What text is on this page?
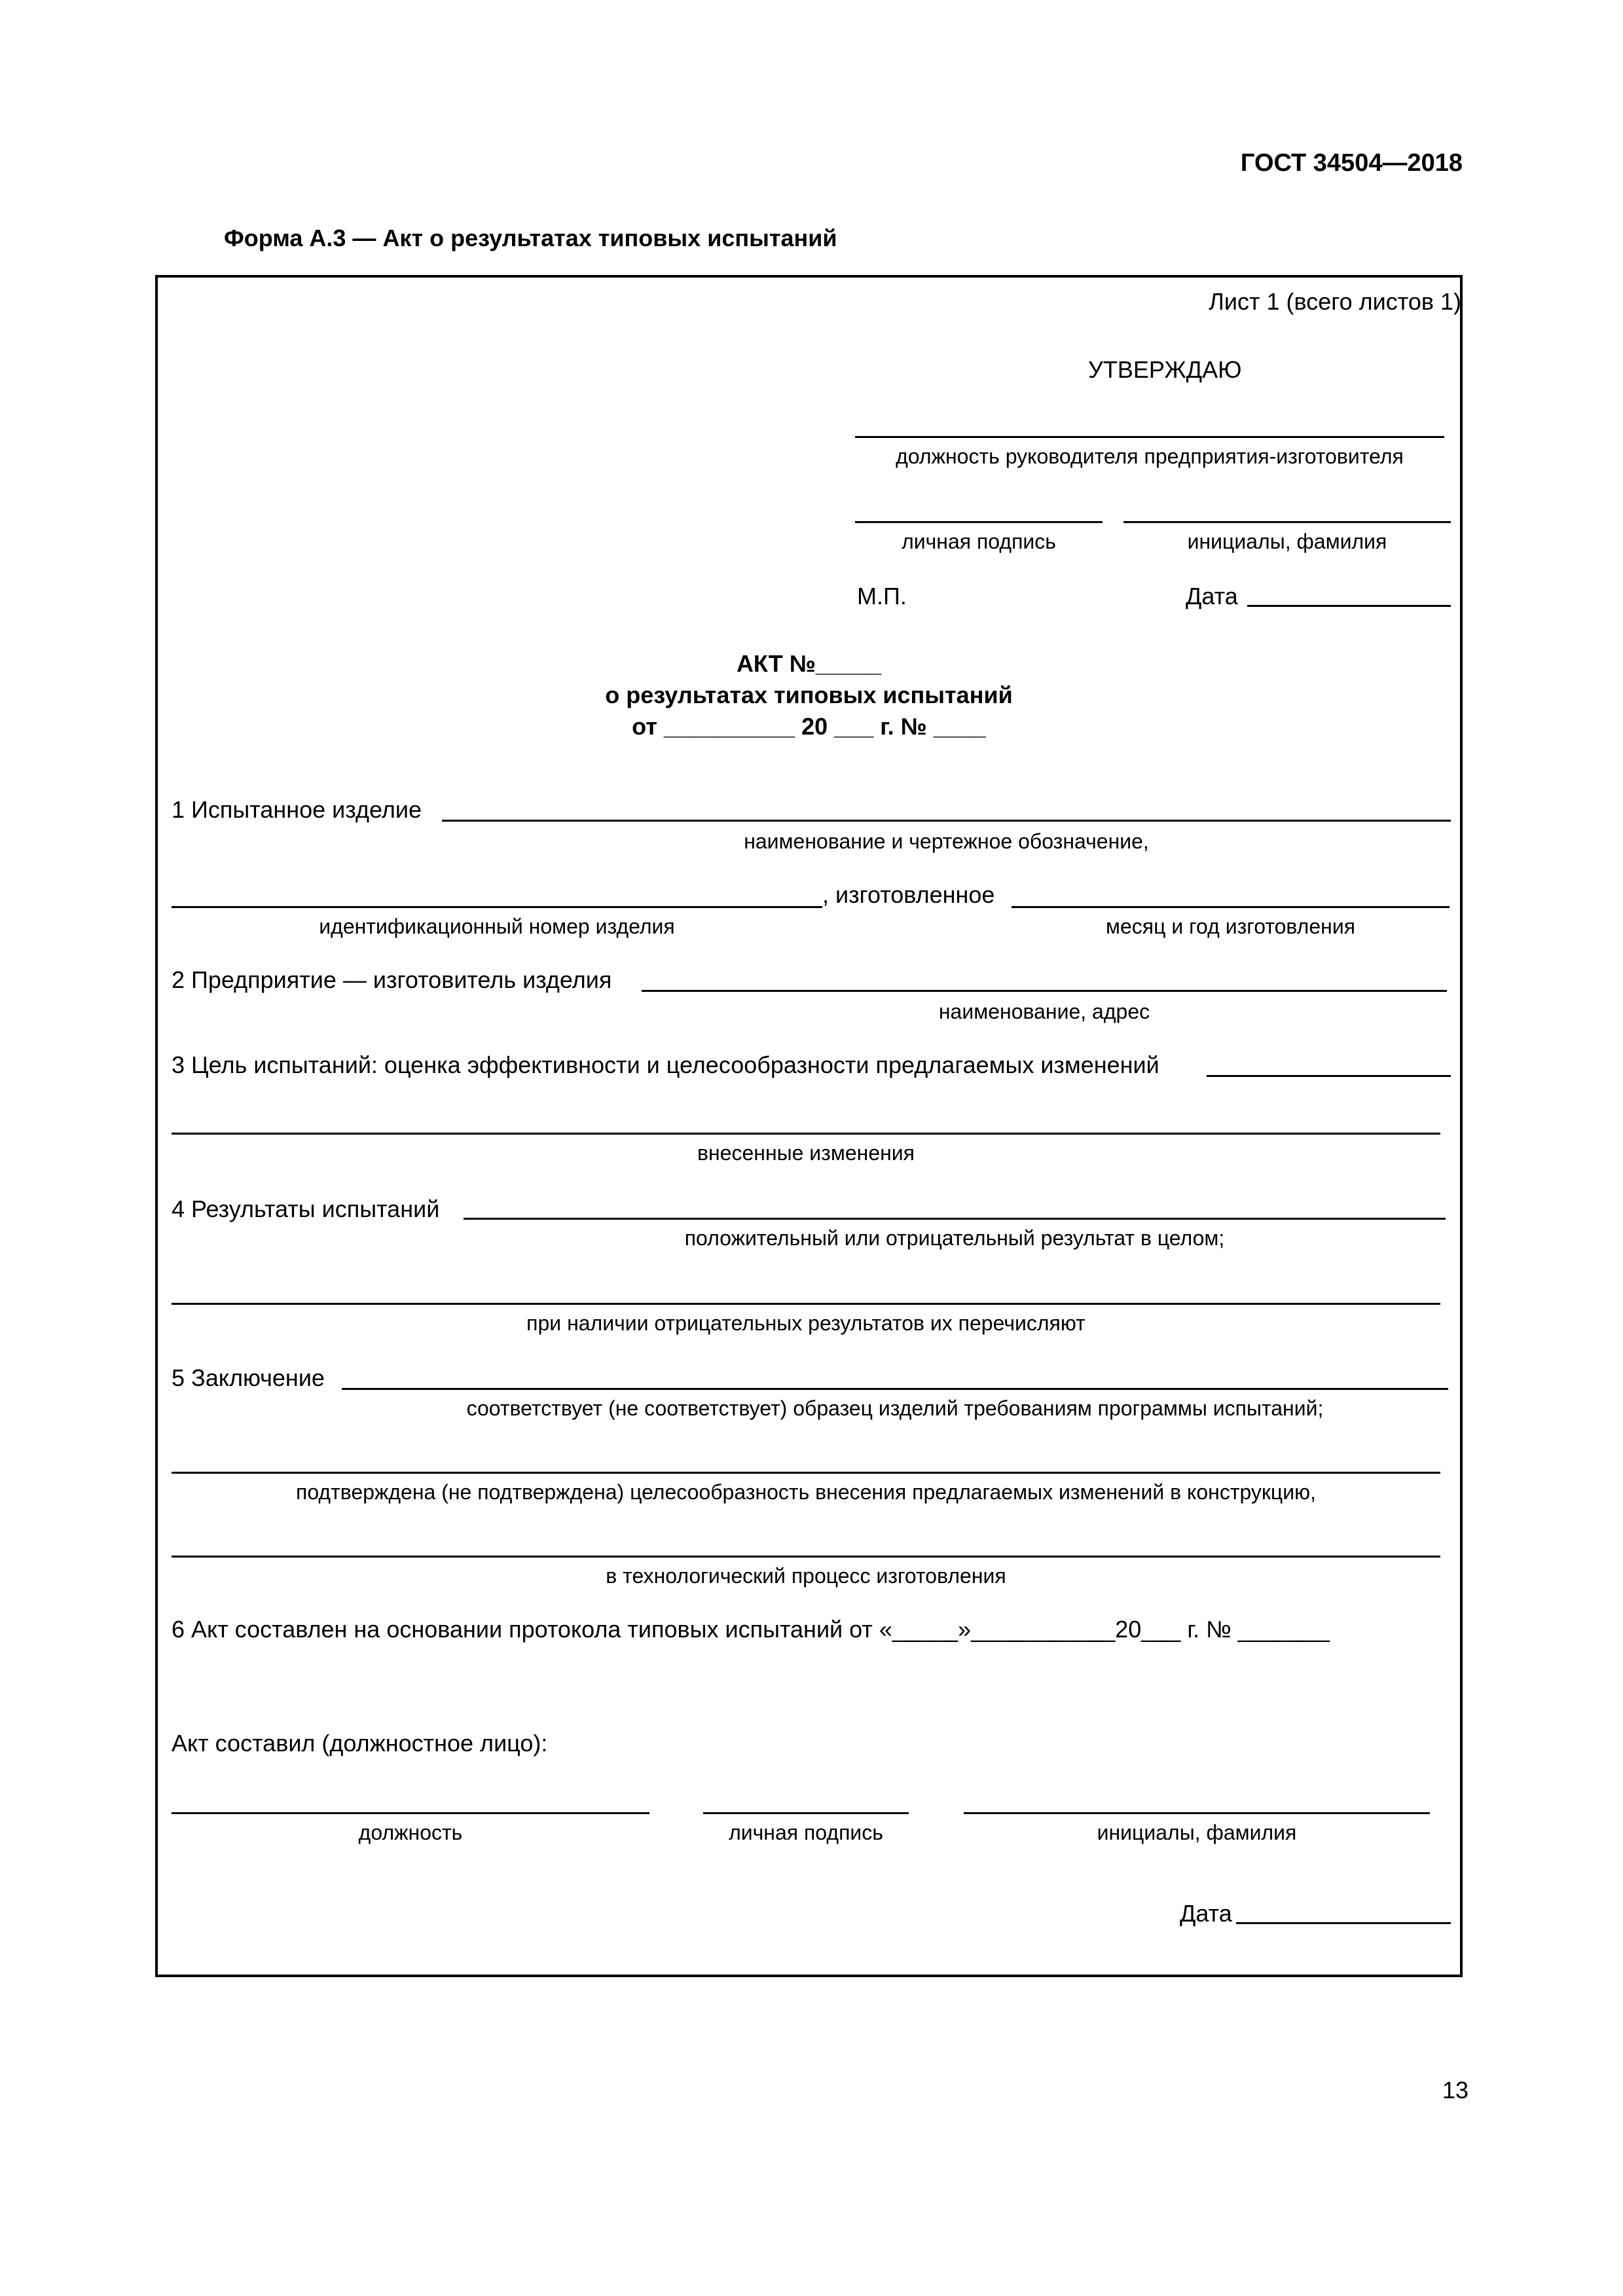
ГОСТ 34504—2018
Форма А.3 — Акт о результатах типовых испытаний
Лист 1 (всего листов 1)
УТВЕРЖДАЮ
должность руководителя предприятия-изготовителя
личная подпись	инициалы, фамилия
М.П.	Дата
АКТ №_____
о результатах типовых испытаний
от __________ 20 ___ г. № ____
1 Испытанное изделие
наименование и чертежное обозначение,
, изготовленное
идентификационный номер изделия	месяц и год изготовления
2 Предприятие — изготовитель изделия
наименование, адрес
3 Цель испытаний: оценка эффективности и целесообразности предлагаемых изменений
внесенные изменения
4 Результаты испытаний
положительный или отрицательный результат в целом;
при наличии отрицательных результатов их перечисляют
5 Заключение
соответствует (не соответствует) образец изделий требованиям программы испытаний;
подтверждена (не подтверждена) целесообразность внесения предлагаемых изменений в конструкцию,
в технологический процесс изготовления
6 Акт составлен на основании протокола типовых испытаний от «_____»___________20___ г. № _______
Акт составил (должностное лицо):
должность	личная подпись	инициалы, фамилия
Дата
13
